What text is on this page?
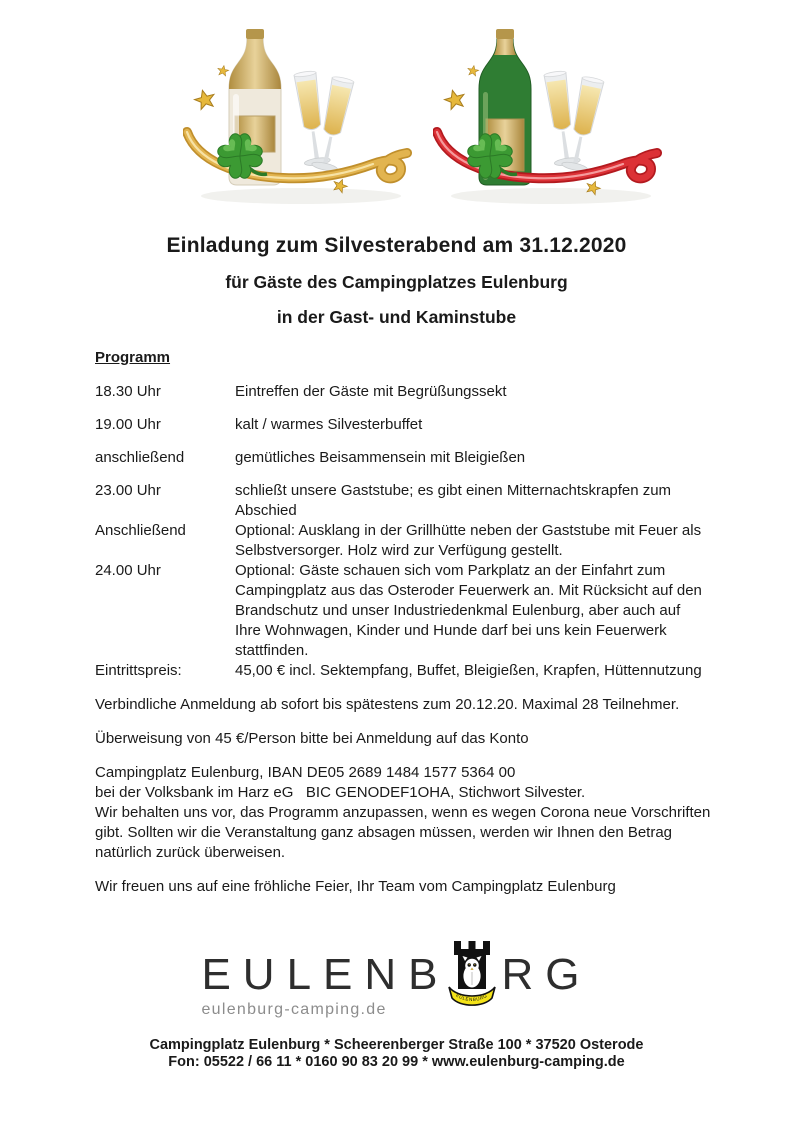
Einladung zum Silvesterabend am 31.12.2020
für Gäste des Campingplatzes Eulenburg
in der Gast- und Kaminstube
Programm
18.30 Uhr	Eintreffen der Gäste mit Begrüßungssekt
19.00 Uhr	kalt / warmes Silvesterbuffet
anschließend	gemütliches Beisammensein mit Bleigießen
23.00 Uhr	schließt unsere Gaststube; es gibt einen Mitternachtskrapfen zum
Abschied
Anschließend	Optional: Ausklang in der Grillhütte neben der Gaststube mit Feuer als
Selbstversorger. Holz wird zur Verfügung gestellt.
24.00 Uhr	Optional: Gäste schauen sich vom Parkplatz an der Einfahrt zum
Campingplatz aus das Osteroder Feuerwerk an. Mit Rücksicht auf den
Brandschutz und unser Industriedenkmal Eulenburg, aber auch auf
Ihre Wohnwagen, Kinder und Hunde darf bei uns kein Feuerwerk
stattfinden.
Eintrittspreis:	45,00 € incl. Sektempfang, Buffet, Bleigießen, Krapfen, Hüttennutzung
Verbindliche Anmeldung ab sofort bis spätestens zum 20.12.20. Maximal 28 Teilnehmer.
Überweisung von 45 €/Person bitte bei Anmeldung auf das Konto
Campingplatz Eulenburg, IBAN DE05 2689 1484 1577 5364 00
bei der Volksbank im Harz eG   BIC GENODEF1OHA, Stichwort Silvester.
Wir behalten uns vor, das Programm anzupassen, wenn es wegen Corona neue Vorschriften
gibt. Sollten wir die Veranstaltung ganz absagen müssen, werden wir Ihnen den Betrag
natürlich zurück überweisen.
Wir freuen uns auf eine fröhliche Feier, Ihr Team vom Campingplatz Eulenburg
EULENB EULENBURG RG
eulenburg-camping.de
Campingplatz Eulenburg * Scheerenberger Straße 100 * 37520 Osterode
Fon: 05522 / 66 11 * 0160 90 83 20 99 * www.eulenburg-camping.de
